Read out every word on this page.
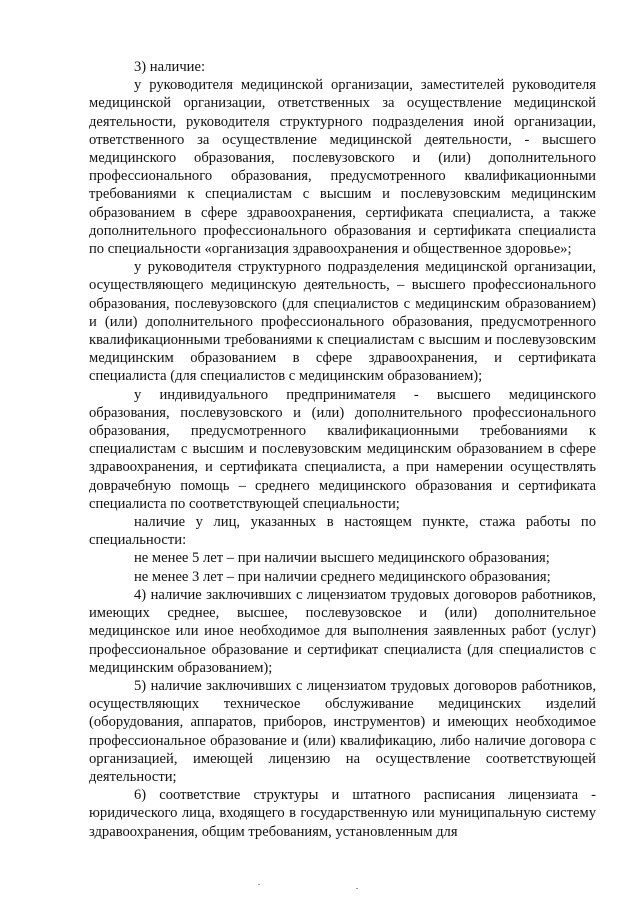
3) наличие:

у руководителя медицинской организации, заместителей руководителя медицинской организации, ответственных за осуществление медицинской деятельности, руководителя структурного подразделения иной организации, ответственного за осуществление медицинской деятельности, - высшего медицинского образования, послевузовского и (или) дополнительного профессионального образования, предусмотренного квалификационными требованиями к специалистам с высшим и послевузовским медицинским образованием в сфере здравоохранения, сертификата специалиста, а также дополнительного профессионального образования и сертификата специалиста по специальности «организация здравоохранения и общественное здоровье»;

у руководителя структурного подразделения медицинской организации, осуществляющего медицинскую деятельность, – высшего профессионального образования, послевузовского (для специалистов с медицинским образованием) и (или) дополнительного профессионального образования, предусмотренного квалификационными требованиями к специалистам с высшим и послевузовским медицинским образованием в сфере здравоохранения, и сертификата специалиста (для специалистов с медицинским образованием);

у индивидуального предпринимателя - высшего медицинского образования, послевузовского и (или) дополнительного профессионального образования, предусмотренного квалификационными требованиями к специалистам с высшим и послевузовским медицинским образованием в сфере здравоохранения, и сертификата специалиста, а при намерении осуществлять доврачебную помощь – среднего медицинского образования и сертификата специалиста по соответствующей специальности;

наличие у лиц, указанных в настоящем пункте, стажа работы по специальности:

не менее 5 лет – при наличии высшего медицинского образования;

не менее 3 лет – при наличии среднего медицинского образования;

4) наличие заключивших с лицензиатом трудовых договоров работников, имеющих среднее, высшее, послевузовское и (или) дополнительное медицинское или иное необходимое для выполнения заявленных работ (услуг) профессиональное образование и сертификат специалиста (для специалистов с медицинским образованием);

5) наличие заключивших с лицензиатом трудовых договоров работников, осуществляющих техническое обслуживание медицинских изделий (оборудования, аппаратов, приборов, инструментов) и имеющих необходимое профессиональное образование и (или) квалификацию, либо наличие договора с организацией, имеющей лицензию на осуществление соответствующей деятельности;

6) соответствие структуры и штатного расписания лицензиата - юридического лица, входящего в государственную или муниципальную систему здравоохранения, общим требованиям, установленным для
